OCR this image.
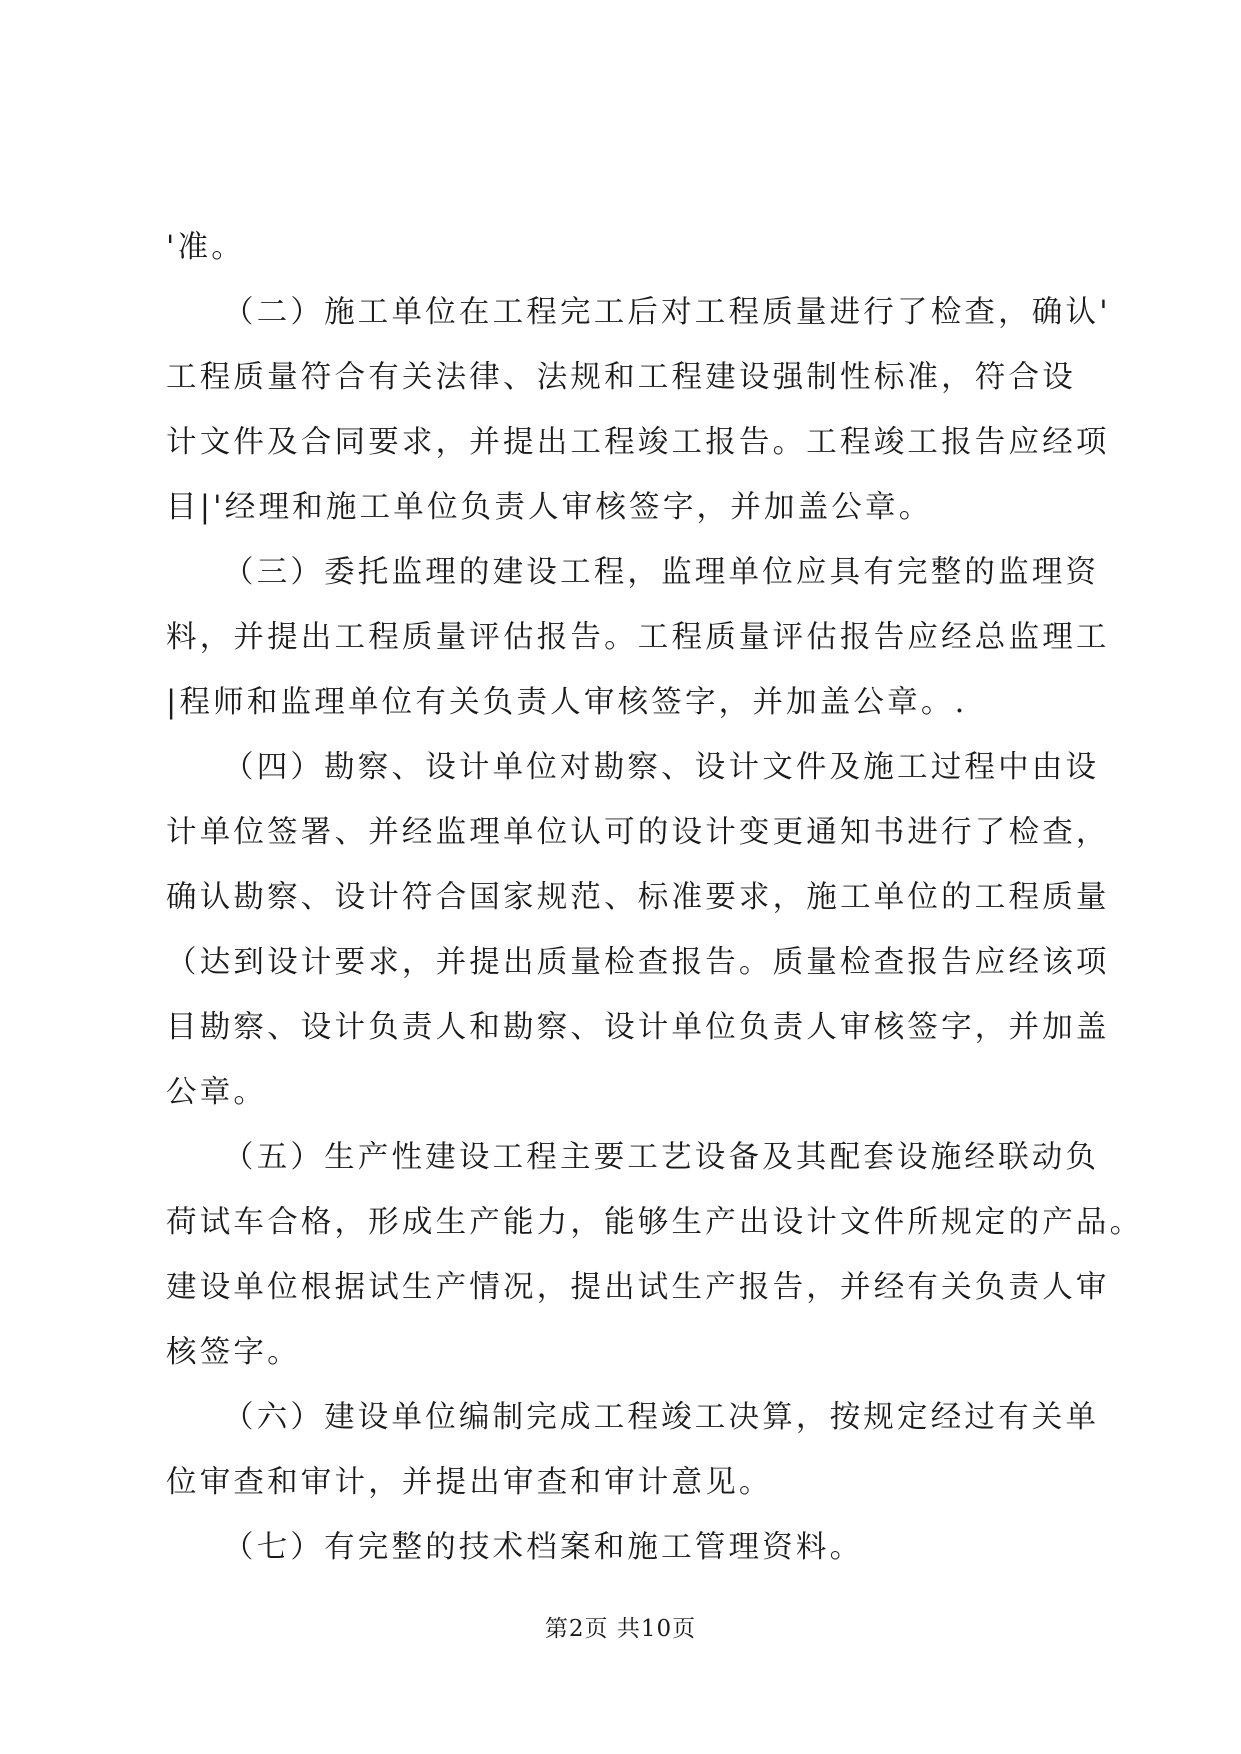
'准。
（二）施工单位在工程完工后对工程质量进行了检查，确认'
工程质量符合有关法律、法规和工程建设强制性标准，符合设
计文件及合同要求，并提出工程竣工报告。工程竣工报告应经项
目|'经理和施工单位负责人审核签字，并加盖公章。
（三）委托监理的建设工程，监理单位应具有完整的监理资
料，并提出工程质量评估报告。工程质量评估报告应经总监理工
|程师和监理单位有关负责人审核签字，并加盖公章。.
（四）勘察、设计单位对勘察、设计文件及施工过程中由设
计单位签署、并经监理单位认可的设计变更通知书进行了检查，
确认勘察、设计符合国家规范、标准要求，施工单位的工程质量
（达到设计要求，并提出质量检查报告。质量检查报告应经该项
目勘察、设计负责人和勘察、设计单位负责人审核签字，并加盖
公章。
（五）生产性建设工程主要工艺设备及其配套设施经联动负
荷试车合格，形成生产能力，能够生产出设计文件所规定的产品。
建设单位根据试生产情况，提出试生产报告，并经有关负责人审
核签字。
（六）建设单位编制完成工程竣工决算，按规定经过有关单
位审查和审计，并提出审查和审计意见。
（七）有完整的技术档案和施工管理资料。
第2页 共10页
